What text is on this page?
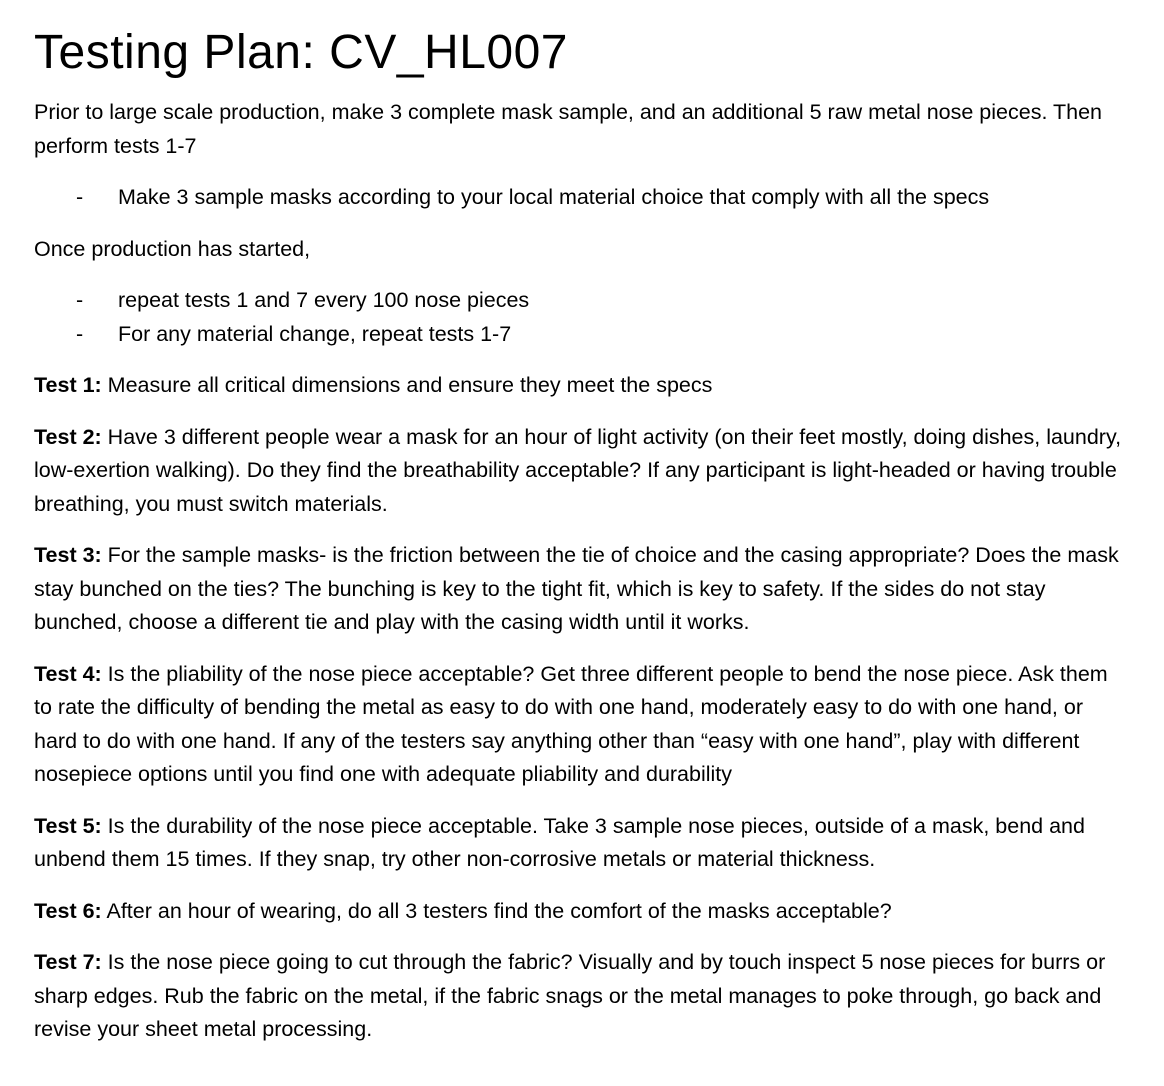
Testing Plan: CV_HL007

Prior to large scale production, make 3 complete mask sample, and an additional 5 raw metal nose pieces. Then perform tests 1-7

- Make 3 sample masks according to your local material choice that comply with all the specs

Once production has started,

- repeat tests 1 and 7 every 100 nose pieces
- For any material change, repeat tests 1-7

Test 1: Measure all critical dimensions and ensure they meet the specs

Test 2: Have 3 different people wear a mask for an hour of light activity (on their feet mostly, doing dishes, laundry, low-exertion walking). Do they find the breathability acceptable? If any participant is light-headed or having trouble breathing, you must switch materials.

Test 3: For the sample masks- is the friction between the tie of choice and the casing appropriate? Does the mask stay bunched on the ties? The bunching is key to the tight fit, which is key to safety. If the sides do not stay bunched, choose a different tie and play with the casing width until it works.

Test 4: Is the pliability of the nose piece acceptable? Get three different people to bend the nose piece. Ask them to rate the difficulty of bending the metal as easy to do with one hand, moderately easy to do with one hand, or hard to do with one hand. If any of the testers say anything other than “easy with one hand”, play with different nosepiece options until you find one with adequate pliability and durability

Test 5: Is the durability of the nose piece acceptable. Take 3 sample nose pieces, outside of a mask, bend and unbend them 15 times. If they snap, try other non-corrosive metals or material thickness.

Test 6: After an hour of wearing, do all 3 testers find the comfort of the masks acceptable?

Test 7: Is the nose piece going to cut through the fabric? Visually and by touch inspect 5 nose pieces for burrs or sharp edges. Rub the fabric on the metal, if the fabric snags or the metal manages to poke through, go back and revise your sheet metal processing.
